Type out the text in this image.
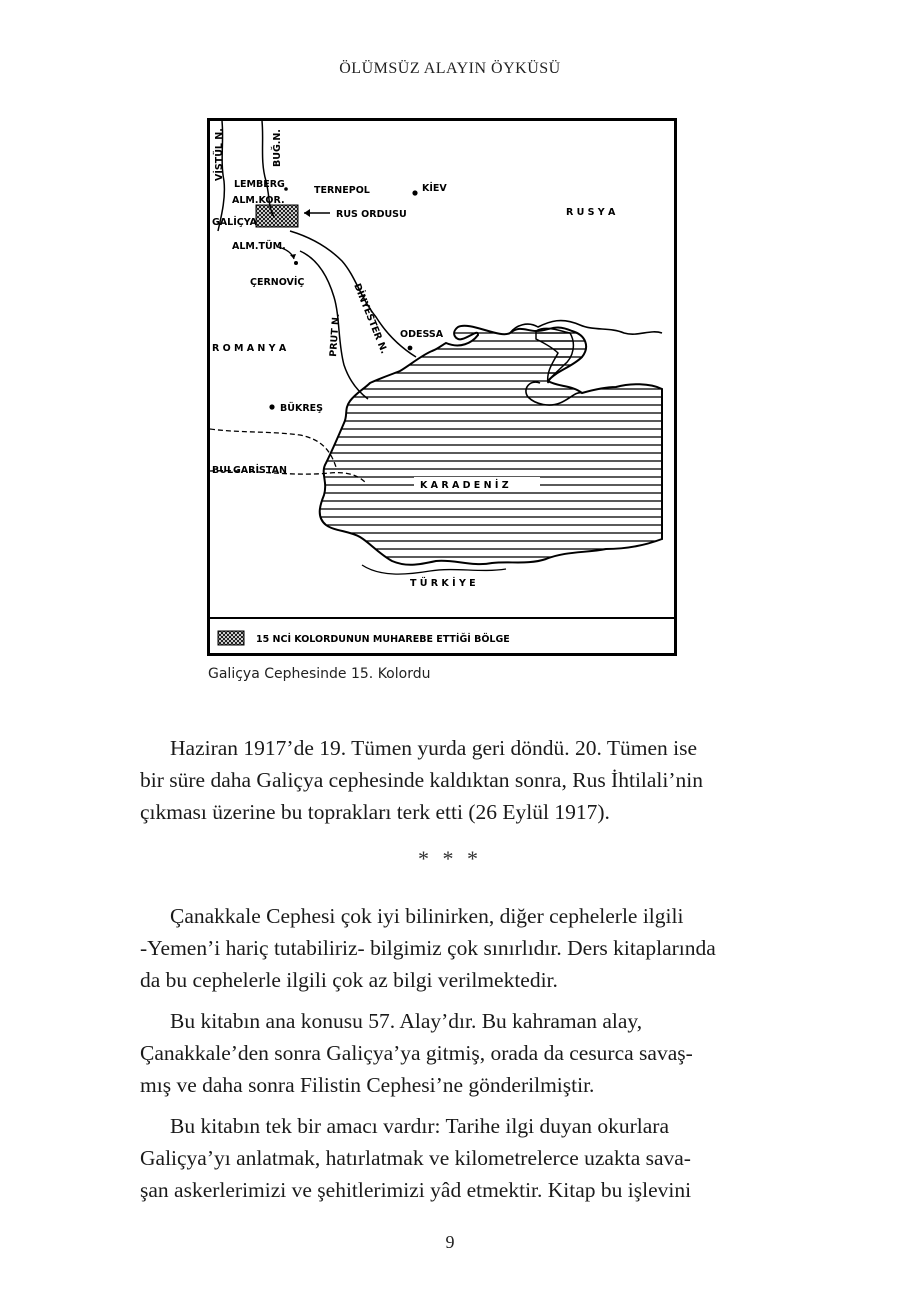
ÖLÜMSÜZ ALAYIN ÖYKÜSÜ
VİSTÜL N.	BUĞ.N.
LEMBERG
ALM.KOR.
GALİÇYA
ALM.TÜM.
TERNEPOL	KİEV
RUS ORDUSU	R U S Y A
ÇERNOVİÇ	DİNYESTER N.
PRUT N.	ODESSA
R O M A N Y A
BÜKREŞ
BULGARİSTAN
K A R A D E N İ Z
T Ü R K İ Y E
15 NCİ KOLORDUNUN MUHAREBE ETTİĞİ BÖLGE
Galiçya Cephesinde 15. Kolordu
Haziran 1917’de 19. Tümen yurda geri döndü. 20. Tümen ise
bir süre daha Galiçya cephesinde kaldıktan sonra, Rus İhtilali’nin
çıkması üzerine bu toprakları terk etti (26 Eylül 1917).
* * *
Çanakkale Cephesi çok iyi bilinirken, diğer cephelerle ilgili
-Yemen’i hariç tutabiliriz- bilgimiz çok sınırlıdır. Ders kitaplarında
da bu cephelerle ilgili çok az bilgi verilmektedir.
Bu kitabın ana konusu 57. Alay’dır. Bu kahraman alay,
Çanakkale’den sonra Galiçya’ya gitmiş, orada da cesurca savaş-
mış ve daha sonra Filistin Cephesi’ne gönderilmiştir.
Bu kitabın tek bir amacı vardır: Tarihe ilgi duyan okurlara
Galiçya’yı anlatmak, hatırlatmak ve kilometrelerce uzakta sava-
şan askerlerimizi ve şehitlerimizi yâd etmektir. Kitap bu işlevini
9
